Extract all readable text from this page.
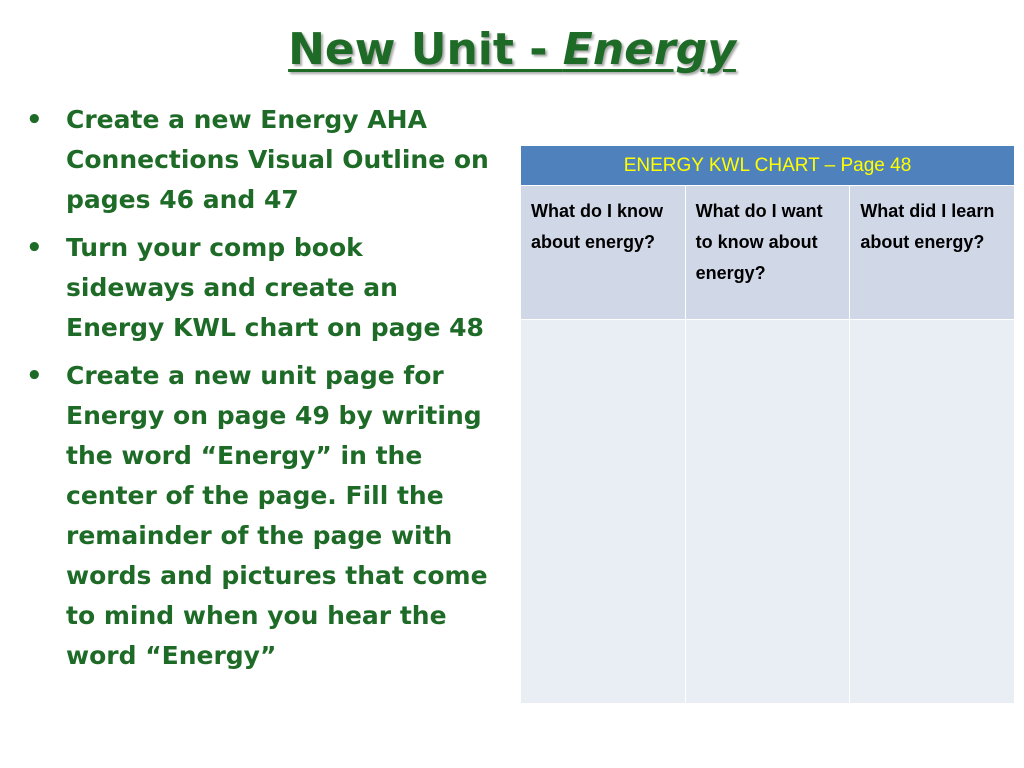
New Unit - Energy
• Create a new Energy AHA Connections Visual Outline on pages 46 and 47
• Turn your comp book sideways and create an Energy KWL chart on page 48
• Create a new unit page for Energy on page 49 by writing the word “Energy” in the center of the page. Fill the remainder of the page with words and pictures that come to mind when you hear the word “Energy”
ENERGY KWL CHART – Page 48		
What do I know about energy?	What do I want to know about energy?	What did I learn about energy?
